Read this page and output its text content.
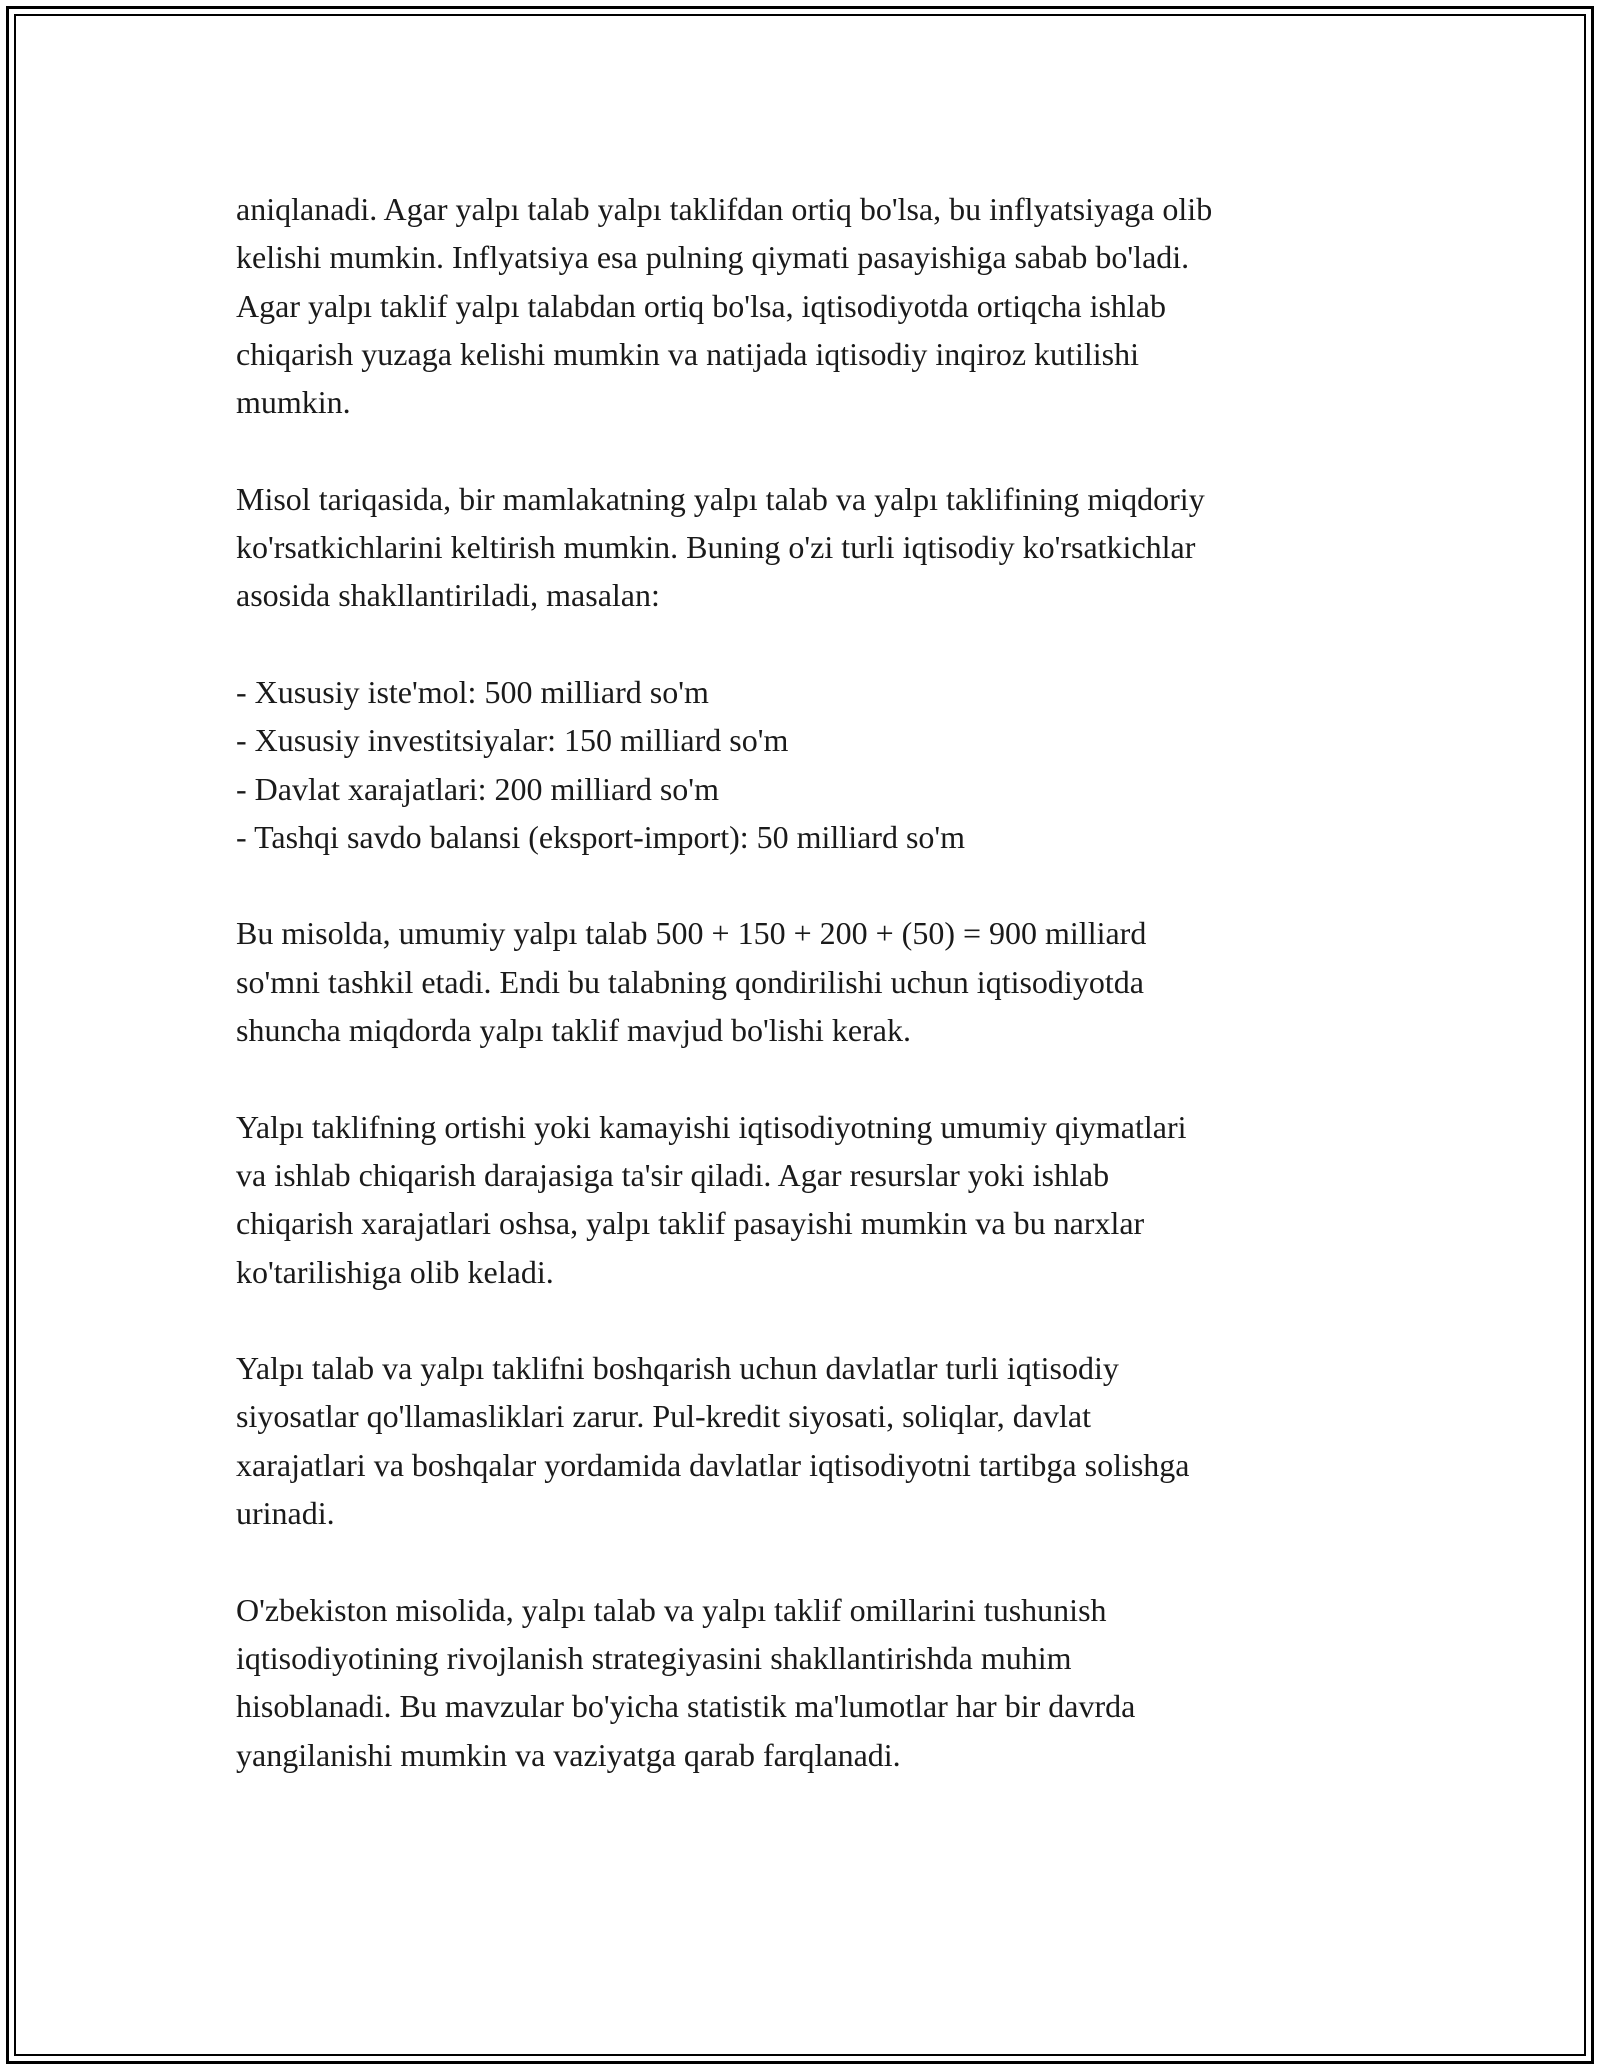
aniqlanadi. Agar yalpı talab yalpı taklifdan ortiq bo'lsa, bu inflyatsiyaga olib
kelishi mumkin. Inflyatsiya esa pulning qiymati pasayishiga sabab bo'ladi.
Agar yalpı taklif yalpı talabdan ortiq bo'lsa, iqtisodiyotda ortiqcha ishlab
chiqarish yuzaga kelishi mumkin va natijada iqtisodiy inqiroz kutilishi
mumkin.

Misol tariqasida, bir mamlakatning yalpı talab va yalpı taklifining miqdoriy
ko'rsatkichlarini keltirish mumkin. Buning o'zi turli iqtisodiy ko'rsatkichlar
asosida shakllantiriladi, masalan:

- Xususiy iste'mol: 500 milliard so'm
- Xususiy investitsiyalar: 150 milliard so'm
- Davlat xarajatlari: 200 milliard so'm
- Tashqi savdo balansi (eksport-import): 50 milliard so'm

Bu misolda, umumiy yalpı talab 500 + 150 + 200 + (50) = 900 milliard
so'mni tashkil etadi. Endi bu talabning qondirilishi uchun iqtisodiyotda
shuncha miqdorda yalpı taklif mavjud bo'lishi kerak.

Yalpı taklifning ortishi yoki kamayishi iqtisodiyotning umumiy qiymatlari
va ishlab chiqarish darajasiga ta'sir qiladi. Agar resurslar yoki ishlab
chiqarish xarajatlari oshsa, yalpı taklif pasayishi mumkin va bu narxlar
ko'tarilishiga olib keladi.

Yalpı talab va yalpı taklifni boshqarish uchun davlatlar turli iqtisodiy
siyosatlar qo'llamasliklari zarur. Pul-kredit siyosati, soliqlar, davlat
xarajatlari va boshqalar yordamida davlatlar iqtisodiyotni tartibga solishga
urinadi.

O'zbekiston misolida, yalpı talab va yalpı taklif omillarini tushunish
iqtisodiyotining rivojlanish strategiyasini shakllantirishda muhim
hisoblanadi. Bu mavzular bo'yicha statistik ma'lumotlar har bir davrda
yangilanishi mumkin va vaziyatga qarab farqlanadi.
